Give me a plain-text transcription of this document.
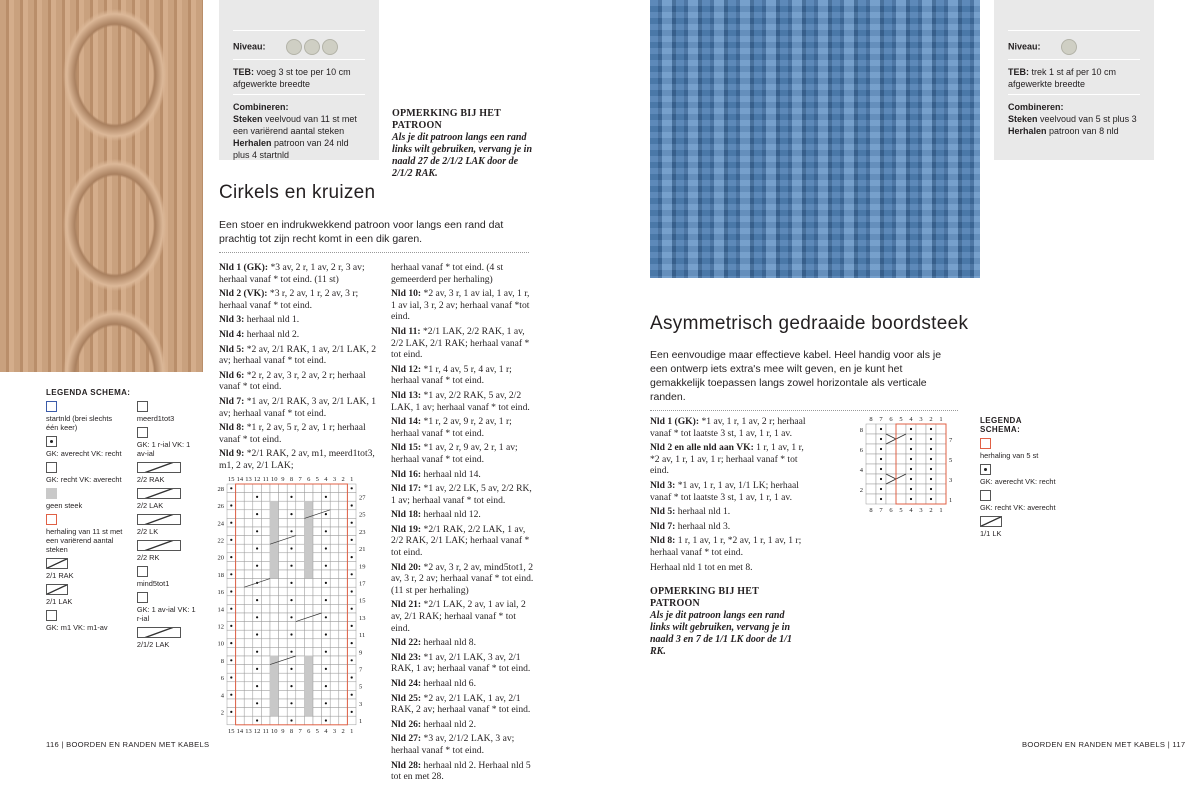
Niveau:
TEB: voeg 3 st toe per 10 cm afgewerkte breedte
Combineren:
Steken veelvoud van 11 st met een variërend aantal steken
Herhalen patroon van 24 nld plus 4 startnld
OPMERKING BIJ HET PATROON
Als je dit patroon langs een rand links wilt gebruiken, vervang je in naald 27 de 2/1/2 LAK door de 2/1/2 RAK.
Cirkels en kruizen
Een stoer en indrukwekkend patroon voor langs een rand dat prachtig tot zijn recht komt in een dik garen.

Nld 1 (GK): *3 av, 2 r, 1 av, 2 r, 3 av; herhaal vanaf * tot eind. (11 st)

Nld 2 (VK): *3 r, 2 av, 1 r, 2 av, 3 r; herhaal vanaf * tot eind.

Nld 3: herhaal nld 1.

Nld 4: herhaal nld 2.

Nld 5: *2 av, 2/1 RAK, 1 av, 2/1 LAK, 2 av; herhaal vanaf * tot eind.

Nld 6: *2 r, 2 av, 3 r, 2 av, 2 r; herhaal vanaf * tot eind.

Nld 7: *1 av, 2/1 RAK, 3 av, 2/1 LAK, 1 av; herhaal vanaf * tot eind.

Nld 8: *1 r, 2 av, 5 r, 2 av, 1 r; herhaal vanaf * tot eind.

Nld 9: *2/1 RAK, 2 av, m1, meerd1tot3, m1, 2 av, 2/1 LAK;

herhaal vanaf * tot eind. (4 st gemeerderd per herhaling)

Nld 10: *2 av, 3 r, 1 av ial, 1 av, 1 r, 1 av ial, 3 r, 2 av; herhaal vanaf *tot eind.

Nld 11: *2/1 LAK, 2/2 RAK, 1 av, 2/2 LAK, 2/1 RAK; herhaal vanaf * tot eind.

Nld 12: *1 r, 4 av, 5 r, 4 av, 1 r; herhaal vanaf * tot eind.

Nld 13: *1 av, 2/2 RAK, 5 av, 2/2 LAK, 1 av; herhaal vanaf * tot eind.

Nld 14: *1 r, 2 av, 9 r, 2 av, 1 r; herhaal vanaf * tot eind.

Nld 15: *1 av, 2 r, 9 av, 2 r, 1 av; herhaal vanaf * tot eind.

Nld 16: herhaal nld 14.

Nld 17: *1 av, 2/2 LK, 5 av, 2/2 RK, 1 av; herhaal vanaf * tot eind.

Nld 18: herhaal nld 12.

Nld 19: *2/1 RAK, 2/2 LAK, 1 av, 2/2 RAK, 2/1 LAK; herhaal vanaf * tot eind.

Nld 20: *2 av, 3 r, 2 av, mind5tot1, 2 av, 3 r, 2 av; herhaal vanaf * tot eind. (11 st per herhaling)

Nld 21: *2/1 LAK, 2 av, 1 av ial, 2 av, 2/1 RAK; herhaal vanaf * tot eind.

Nld 22: herhaal nld 8.

Nld 23: *1 av, 2/1 LAK, 3 av, 2/1 RAK, 1 av; herhaal vanaf * tot eind.

Nld 24: herhaal nld 6.

Nld 25: *2 av, 2/1 LAK, 1 av, 2/1 RAK, 2 av; herhaal vanaf * tot eind.

Nld 26: herhaal nld 2.

Nld 27: *3 av, 2/1/2 LAK, 3 av; herhaal vanaf * tot eind.

Nld 28: herhaal nld 2. Herhaal nld 5 tot en met 28.

LEGENDA SCHEMA:
startnld (brei slechts één keer)
GK: averecht VK: recht
GK: recht VK: averecht
geen steek
herhaling van 11 st met een variërend aantal steken
2/1 RAK
2/1 LAK
GK: m1 VK: m1-av
meerd1tot3
GK: 1 r-ial VK: 1 av-ial
2/2 RAK
2/2 LAK
2/2 LK
2/2 RK
mind5tot1
GK: 1 av-ial VK: 1 r-ial
2/1/2 LAK
15 14 13 12 11 10 9 8 7 6 5 4 3 2 1
15 14 13 12 11 10 9 8 7 6 5 4 3 2 1
28
26
24
22
20
18
16
14
12
10
8
6
4
2
27
25
23
21
19
17
15
13
11
9
7
5
3
1
116 | BOORDEN EN RANDEN MET KABELS
Niveau:
TEB: trek 1 st af per 10 cm afgewerkte breedte
Combineren:
Steken veelvoud van 5 st plus 3
Herhalen patroon van 8 nld
Asymmetrisch gedraaide boordsteek
Een eenvoudige maar effectieve kabel. Heel handig voor als je een ontwerp iets extra's mee wilt geven, en je kunt het gemakkelijk toepassen langs zowel horizontale als verticale randen.

Nld 1 (GK): *1 av, 1 r, 1 av, 2 r; herhaal vanaf * tot laatste 3 st, 1 av, 1 r, 1 av.

Nld 2 en alle nld aan VK: 1 r, 1 av, 1 r, *2 av, 1 r, 1 av, 1 r; herhaal vanaf * tot eind.

Nld 3: *1 av, 1 r, 1 av, 1/1 LK; herhaal vanaf * tot laatste 3 st, 1 av, 1 r, 1 av.

Nld 5: herhaal nld 1.

Nld 7: herhaal nld 3.

Nld 8: 1 r, 1 av, 1 r, *2 av, 1 r, 1 av, 1 r; herhaal vanaf * tot eind.

Herhaal nld 1 tot en met 8.

OPMERKING BIJ HET PATROON
Als je dit patroon langs een rand links wilt gebruiken, vervang je in naald 3 en 7 de 1/1 LK door de 1/1 RK.
8 7 6 5 4 3 2 1
8 7 6 5 4 3 2 1
8
6
4
2
7
5
3
1
LEGENDA SCHEMA:
herhaling van 5 st
GK: averecht VK: recht
GK: recht VK: averecht
1/1 LK
BOORDEN EN RANDEN MET KABELS | 117
